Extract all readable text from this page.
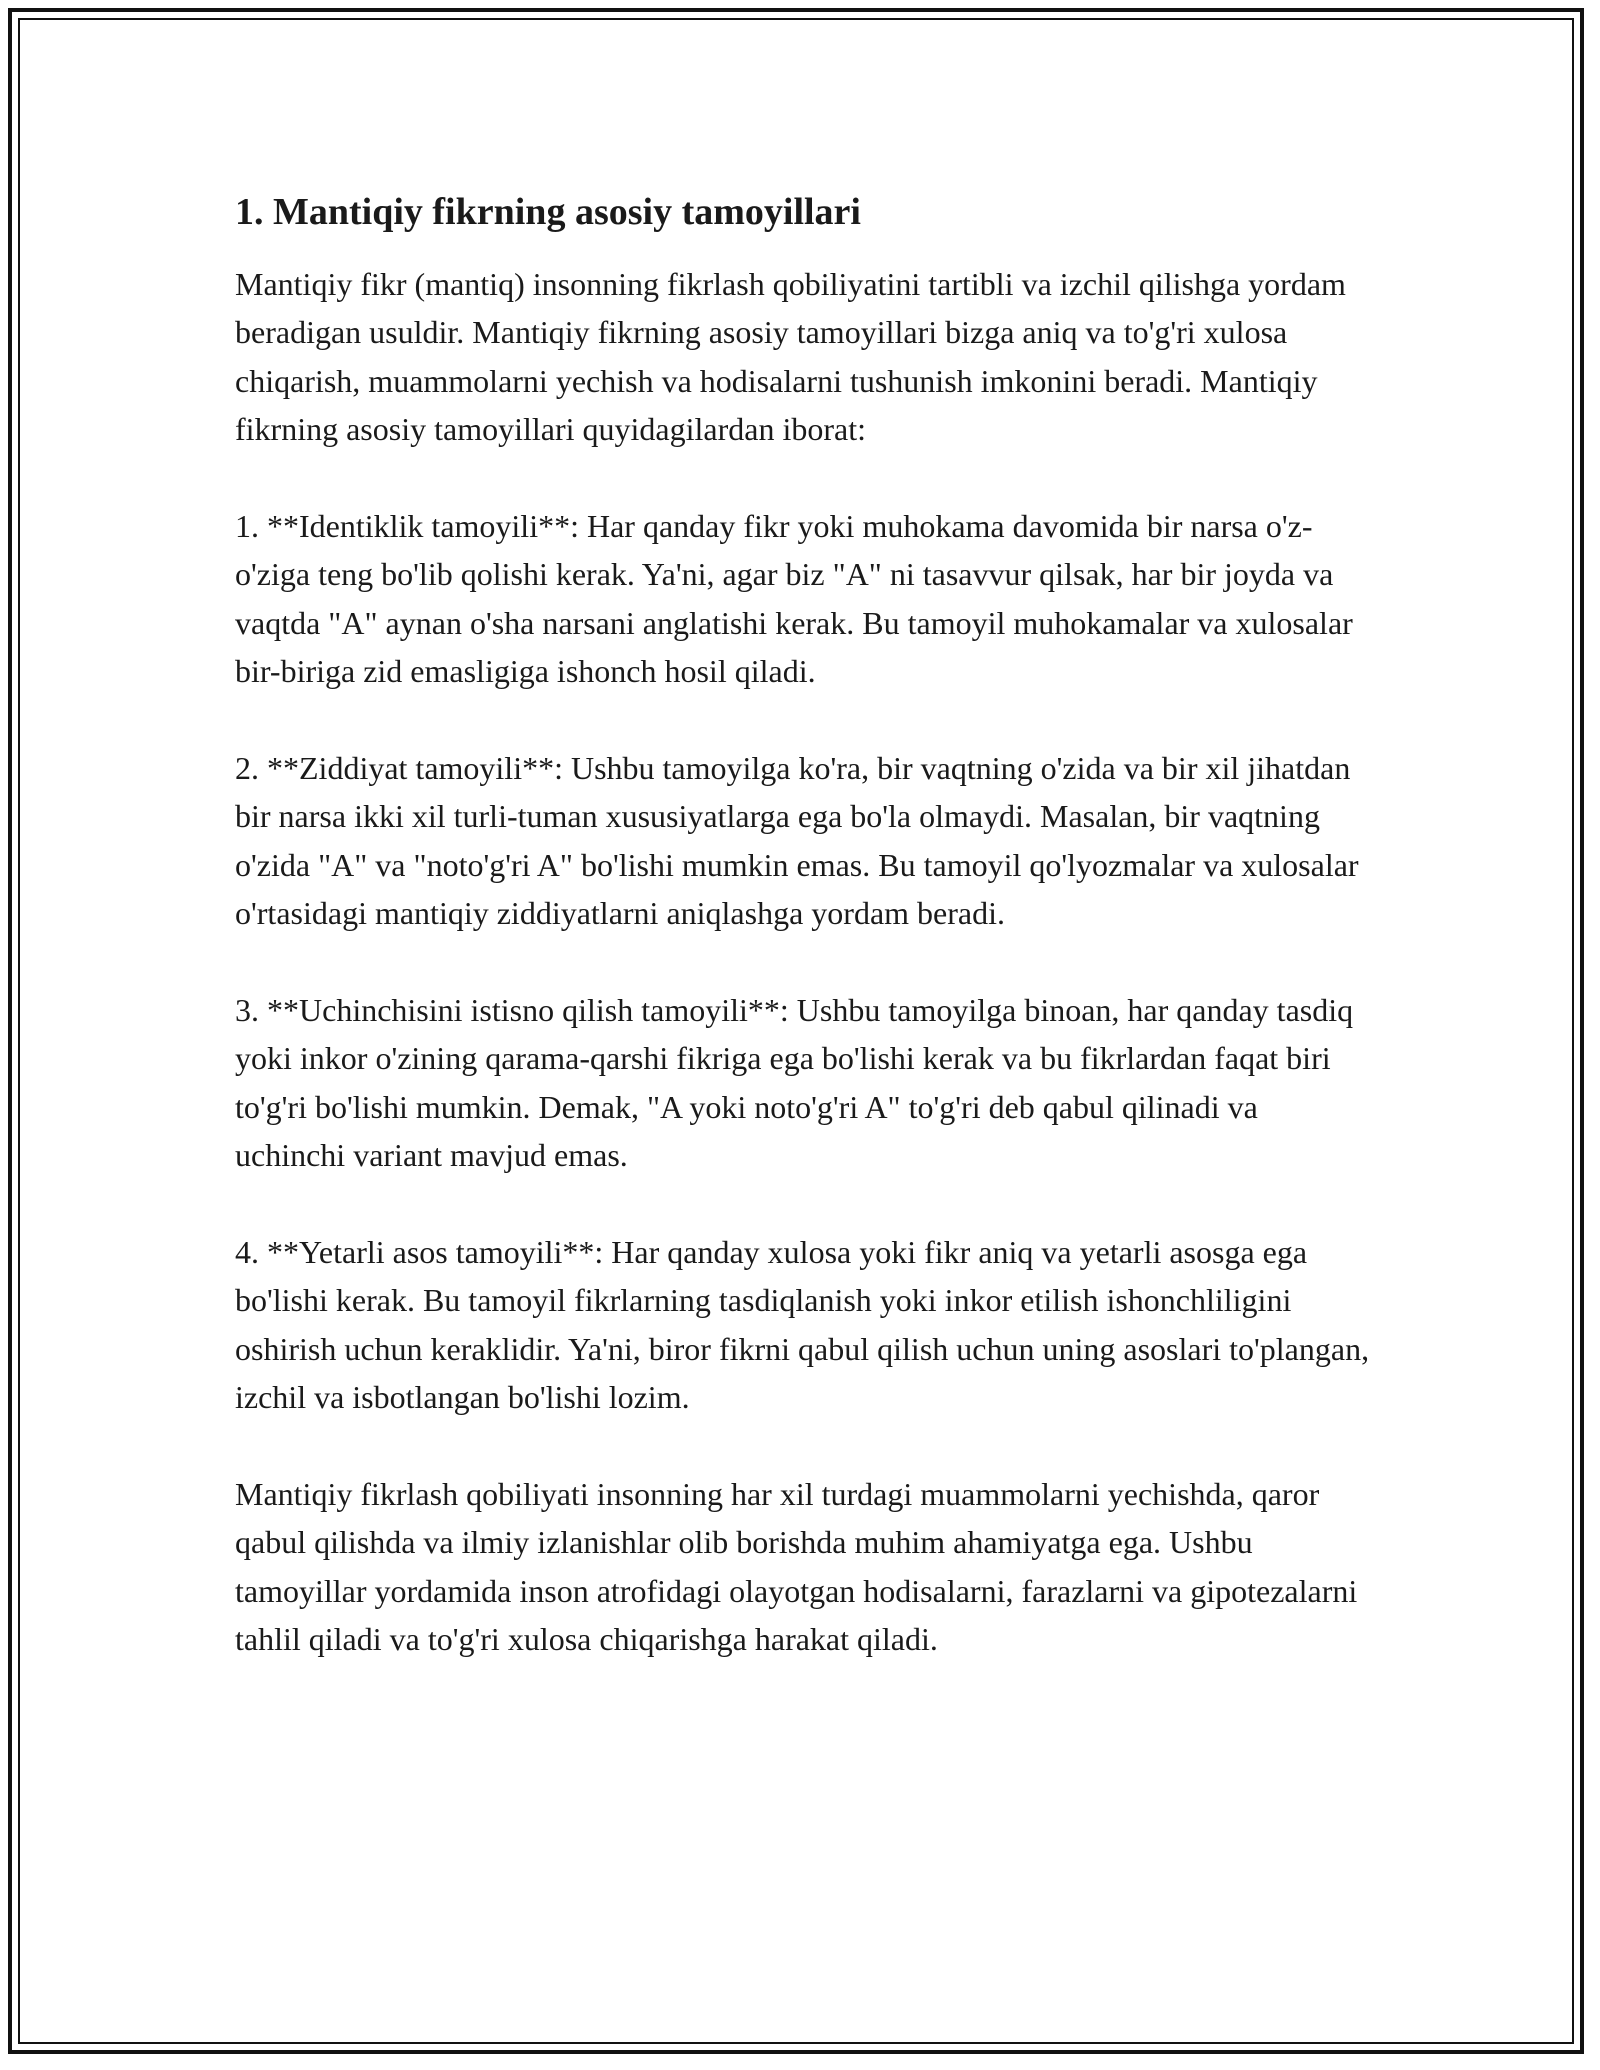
1. Mantiqiy fikrning asosiy tamoyillari

Mantiqiy fikr (mantiq) insonning fikrlash qobiliyatini tartibli va izchil qilishga yordam beradigan usuldir. Mantiqiy fikrning asosiy tamoyillari bizga aniq va to'g'ri xulosa chiqarish, muammolarni yechish va hodisalarni tushunish imkonini beradi. Mantiqiy fikrning asosiy tamoyillari quyidagilardan iborat:

1. **Identiklik tamoyili**: Har qanday fikr yoki muhokama davomida bir narsa o'z-o'ziga teng bo'lib qolishi kerak. Ya'ni, agar biz "A" ni tasavvur qilsak, har bir joyda va vaqtda "A" aynan o'sha narsani anglatishi kerak. Bu tamoyil muhokamalar va xulosalar bir-biriga zid emasligiga ishonch hosil qiladi.

2. **Ziddiyat tamoyili**: Ushbu tamoyilga ko'ra, bir vaqtning o'zida va bir xil jihatdan bir narsa ikki xil turli-tuman xususiyatlarga ega bo'la olmaydi. Masalan, bir vaqtning o'zida "A" va "noto'g'ri A" bo'lishi mumkin emas. Bu tamoyil qo'lyozmalar va xulosalar o'rtasidagi mantiqiy ziddiyatlarni aniqlashga yordam beradi.

3. **Uchinchisini istisno qilish tamoyili**: Ushbu tamoyilga binoan, har qanday tasdiq yoki inkor o'zining qarama-qarshi fikriga ega bo'lishi kerak va bu fikrlardan faqat biri to'g'ri bo'lishi mumkin. Demak, "A yoki noto'g'ri A" to'g'ri deb qabul qilinadi va uchinchi variant mavjud emas.

4. **Yetarli asos tamoyili**: Har qanday xulosa yoki fikr aniq va yetarli asosga ega bo'lishi kerak. Bu tamoyil fikrlarning tasdiqlanish yoki inkor etilish ishonchliligini oshirish uchun keraklidir. Ya'ni, biror fikrni qabul qilish uchun uning asoslari to'plangan, izchil va isbotlangan bo'lishi lozim.

Mantiqiy fikrlash qobiliyati insonning har xil turdagi muammolarni yechishda, qaror qabul qilishda va ilmiy izlanishlar olib borishda muhim ahamiyatga ega. Ushbu tamoyillar yordamida inson atrofidagi olayotgan hodisalarni, farazlarni va gipotezalarni tahlil qiladi va to'g'ri xulosa chiqarishga harakat qiladi.
